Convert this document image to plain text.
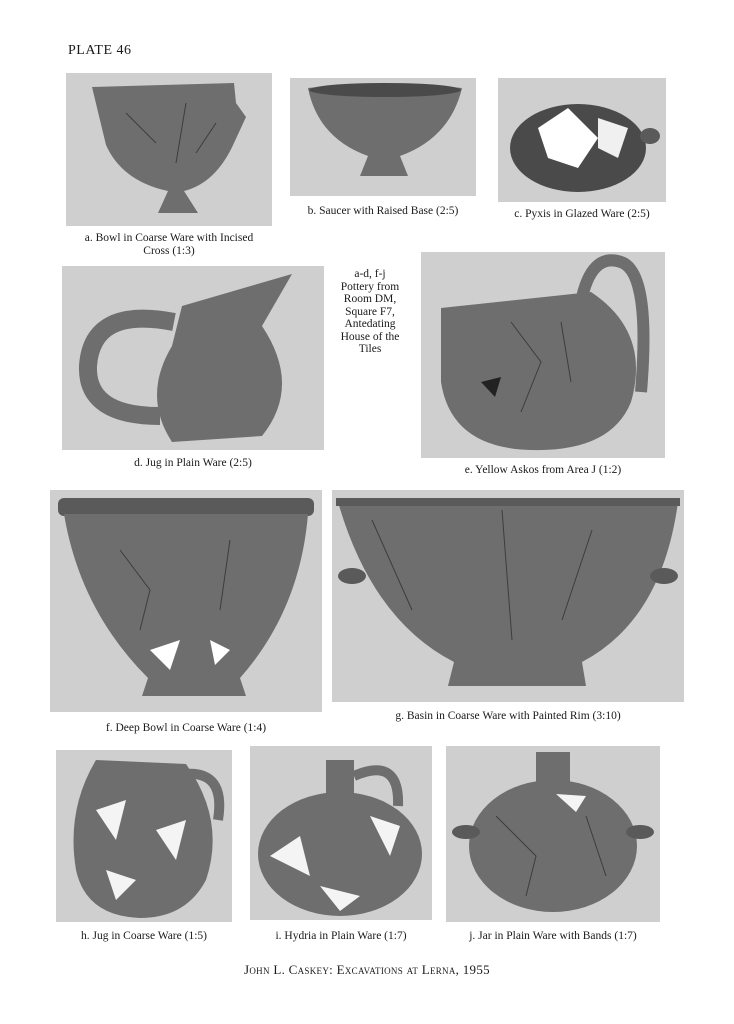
PLATE 46
a. Bowl in Coarse Ware with Incised
Cross (1:3)
b. Saucer with Raised Base (2:5)	c. Pyxis in Glazed Ware (2:5)
d. Jug in Plain Ware (2:5)
a-d, f-j
Pottery from
Room DM,
Square F7,
Antedating
House of the
Tiles
e. Yellow Askos from Area J (1:2)
f. Deep Bowl in Coarse Ware (1:4)
g. Basin in Coarse Ware with Painted Rim (3:10)
h. Jug in Coarse Ware (1:5)	i. Hydria in Plain Ware (1:7)	j. Jar in Plain Ware with Bands (1:7)
John L. Caskey: Excavations at Lerna, 1955
